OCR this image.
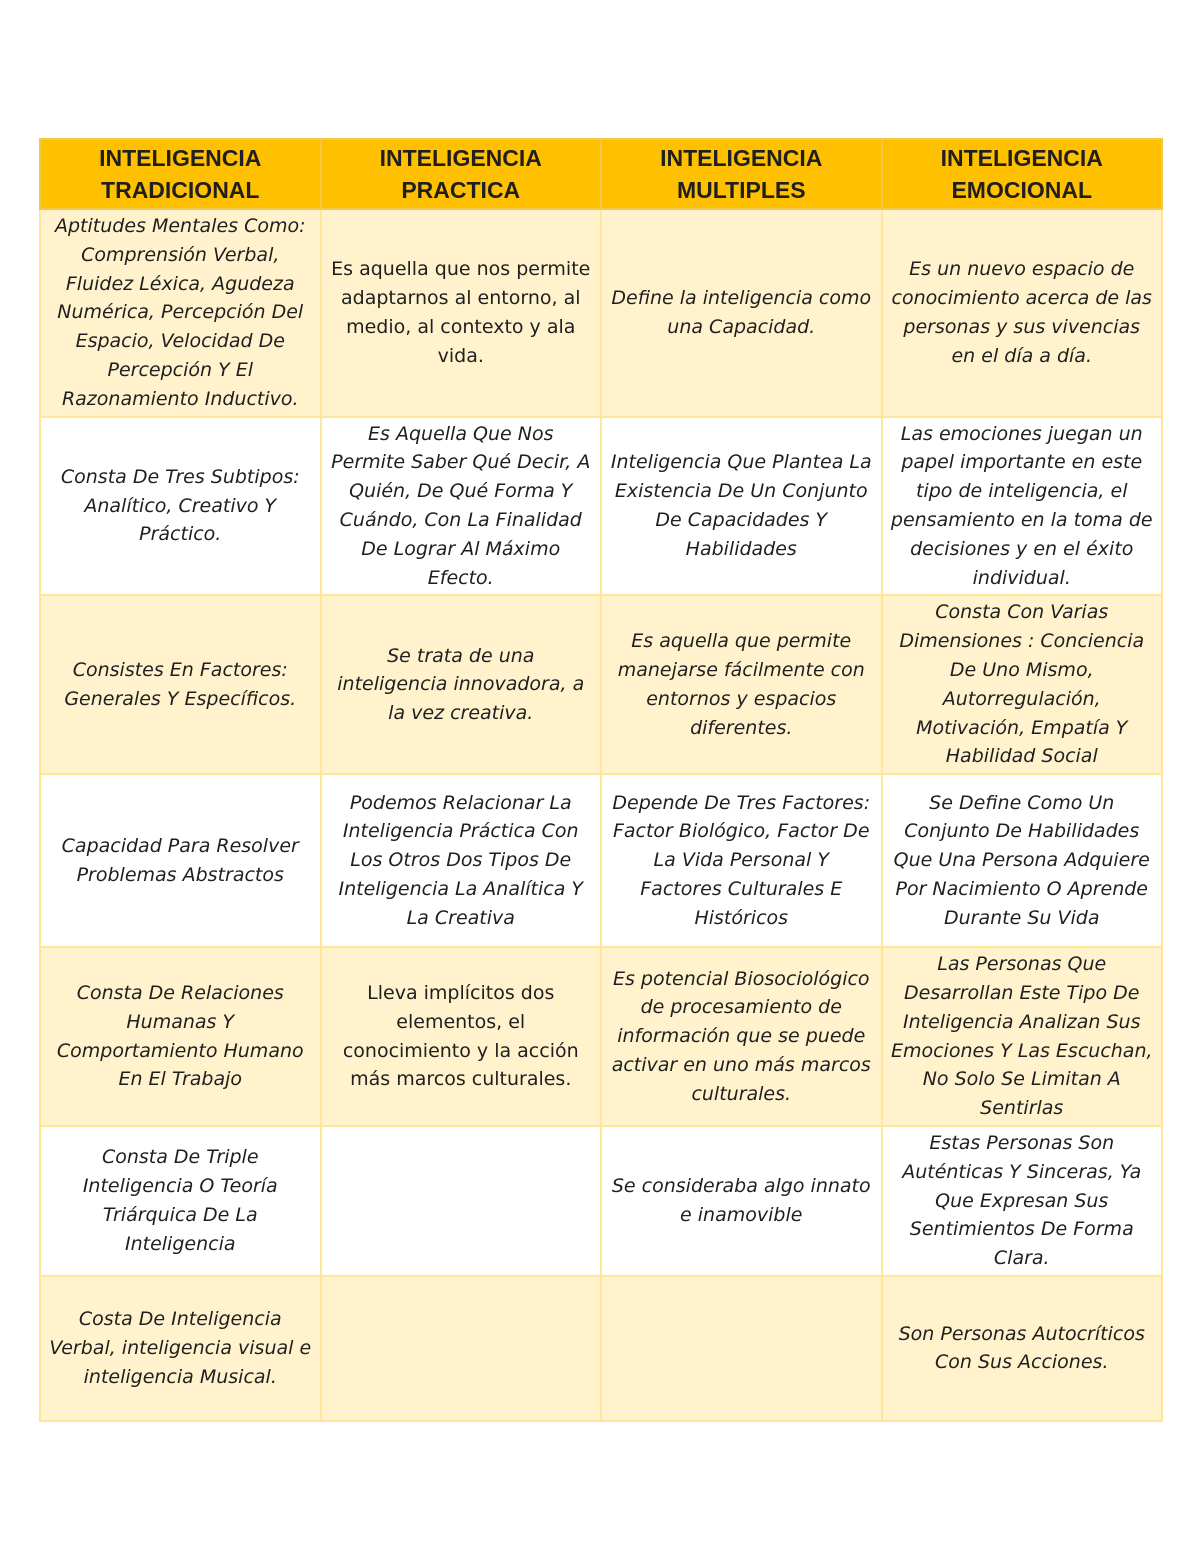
INTELIGENCIA TRADICIONAL	INTELIGENCIA PRACTICA	INTELIGENCIA MULTIPLES	INTELIGENCIA EMOCIONAL
Aptitudes Mentales Como: Comprensión Verbal, Fluidez Léxica, Agudeza Numérica, Percepción Del Espacio, Velocidad De Percepción Y El Razonamiento Inductivo.	Es aquella que nos permite adaptarnos al entorno, al medio, al contexto y ala vida.	Define la inteligencia como una Capacidad.	Es un nuevo espacio de conocimiento acerca de las personas y sus vivencias en el día a día.
Consta De Tres Subtipos: Analítico, Creativo Y Práctico.	Es Aquella Que Nos Permite Saber Qué Decir, A Quién, De Qué Forma Y Cuándo, Con La Finalidad De Lograr Al Máximo Efecto.	Inteligencia Que Plantea La Existencia De Un Conjunto De Capacidades Y Habilidades	Las emociones juegan un papel importante en este tipo de inteligencia, el pensamiento en la toma de decisiones y en el éxito individual.
Consistes En Factores: Generales Y Específicos.	Se trata de una inteligencia innovadora, a la vez creativa.	Es aquella que permite manejarse fácilmente con entornos y espacios diferentes.	Consta Con Varias Dimensiones : Conciencia De Uno Mismo, Autorregulación, Motivación, Empatía Y Habilidad Social
Capacidad Para Resolver Problemas Abstractos	Podemos Relacionar La Inteligencia Práctica Con Los Otros Dos Tipos De Inteligencia La Analítica Y La Creativa	Depende De Tres Factores: Factor Biológico, Factor De La Vida Personal Y Factores Culturales E Históricos	Se Define Como Un Conjunto De Habilidades Que Una Persona Adquiere Por Nacimiento O Aprende Durante Su Vida
Consta De Relaciones Humanas Y Comportamiento Humano En El Trabajo	Lleva implícitos dos elementos, el conocimiento y la acción más marcos culturales.	Es potencial Biosociológico de procesamiento de información que se puede activar en uno más marcos culturales.	Las Personas Que Desarrollan Este Tipo De Inteligencia Analizan Sus Emociones Y Las Escuchan, No Solo Se Limitan A Sentirlas
Consta De Triple Inteligencia O Teoría Triárquica De La Inteligencia		Se consideraba algo innato e inamovible	Estas Personas Son Auténticas Y Sinceras, Ya Que Expresan Sus Sentimientos De Forma Clara.
Costa De Inteligencia Verbal, inteligencia visual e inteligencia Musical.			Son Personas Autocríticos Con Sus Acciones.
